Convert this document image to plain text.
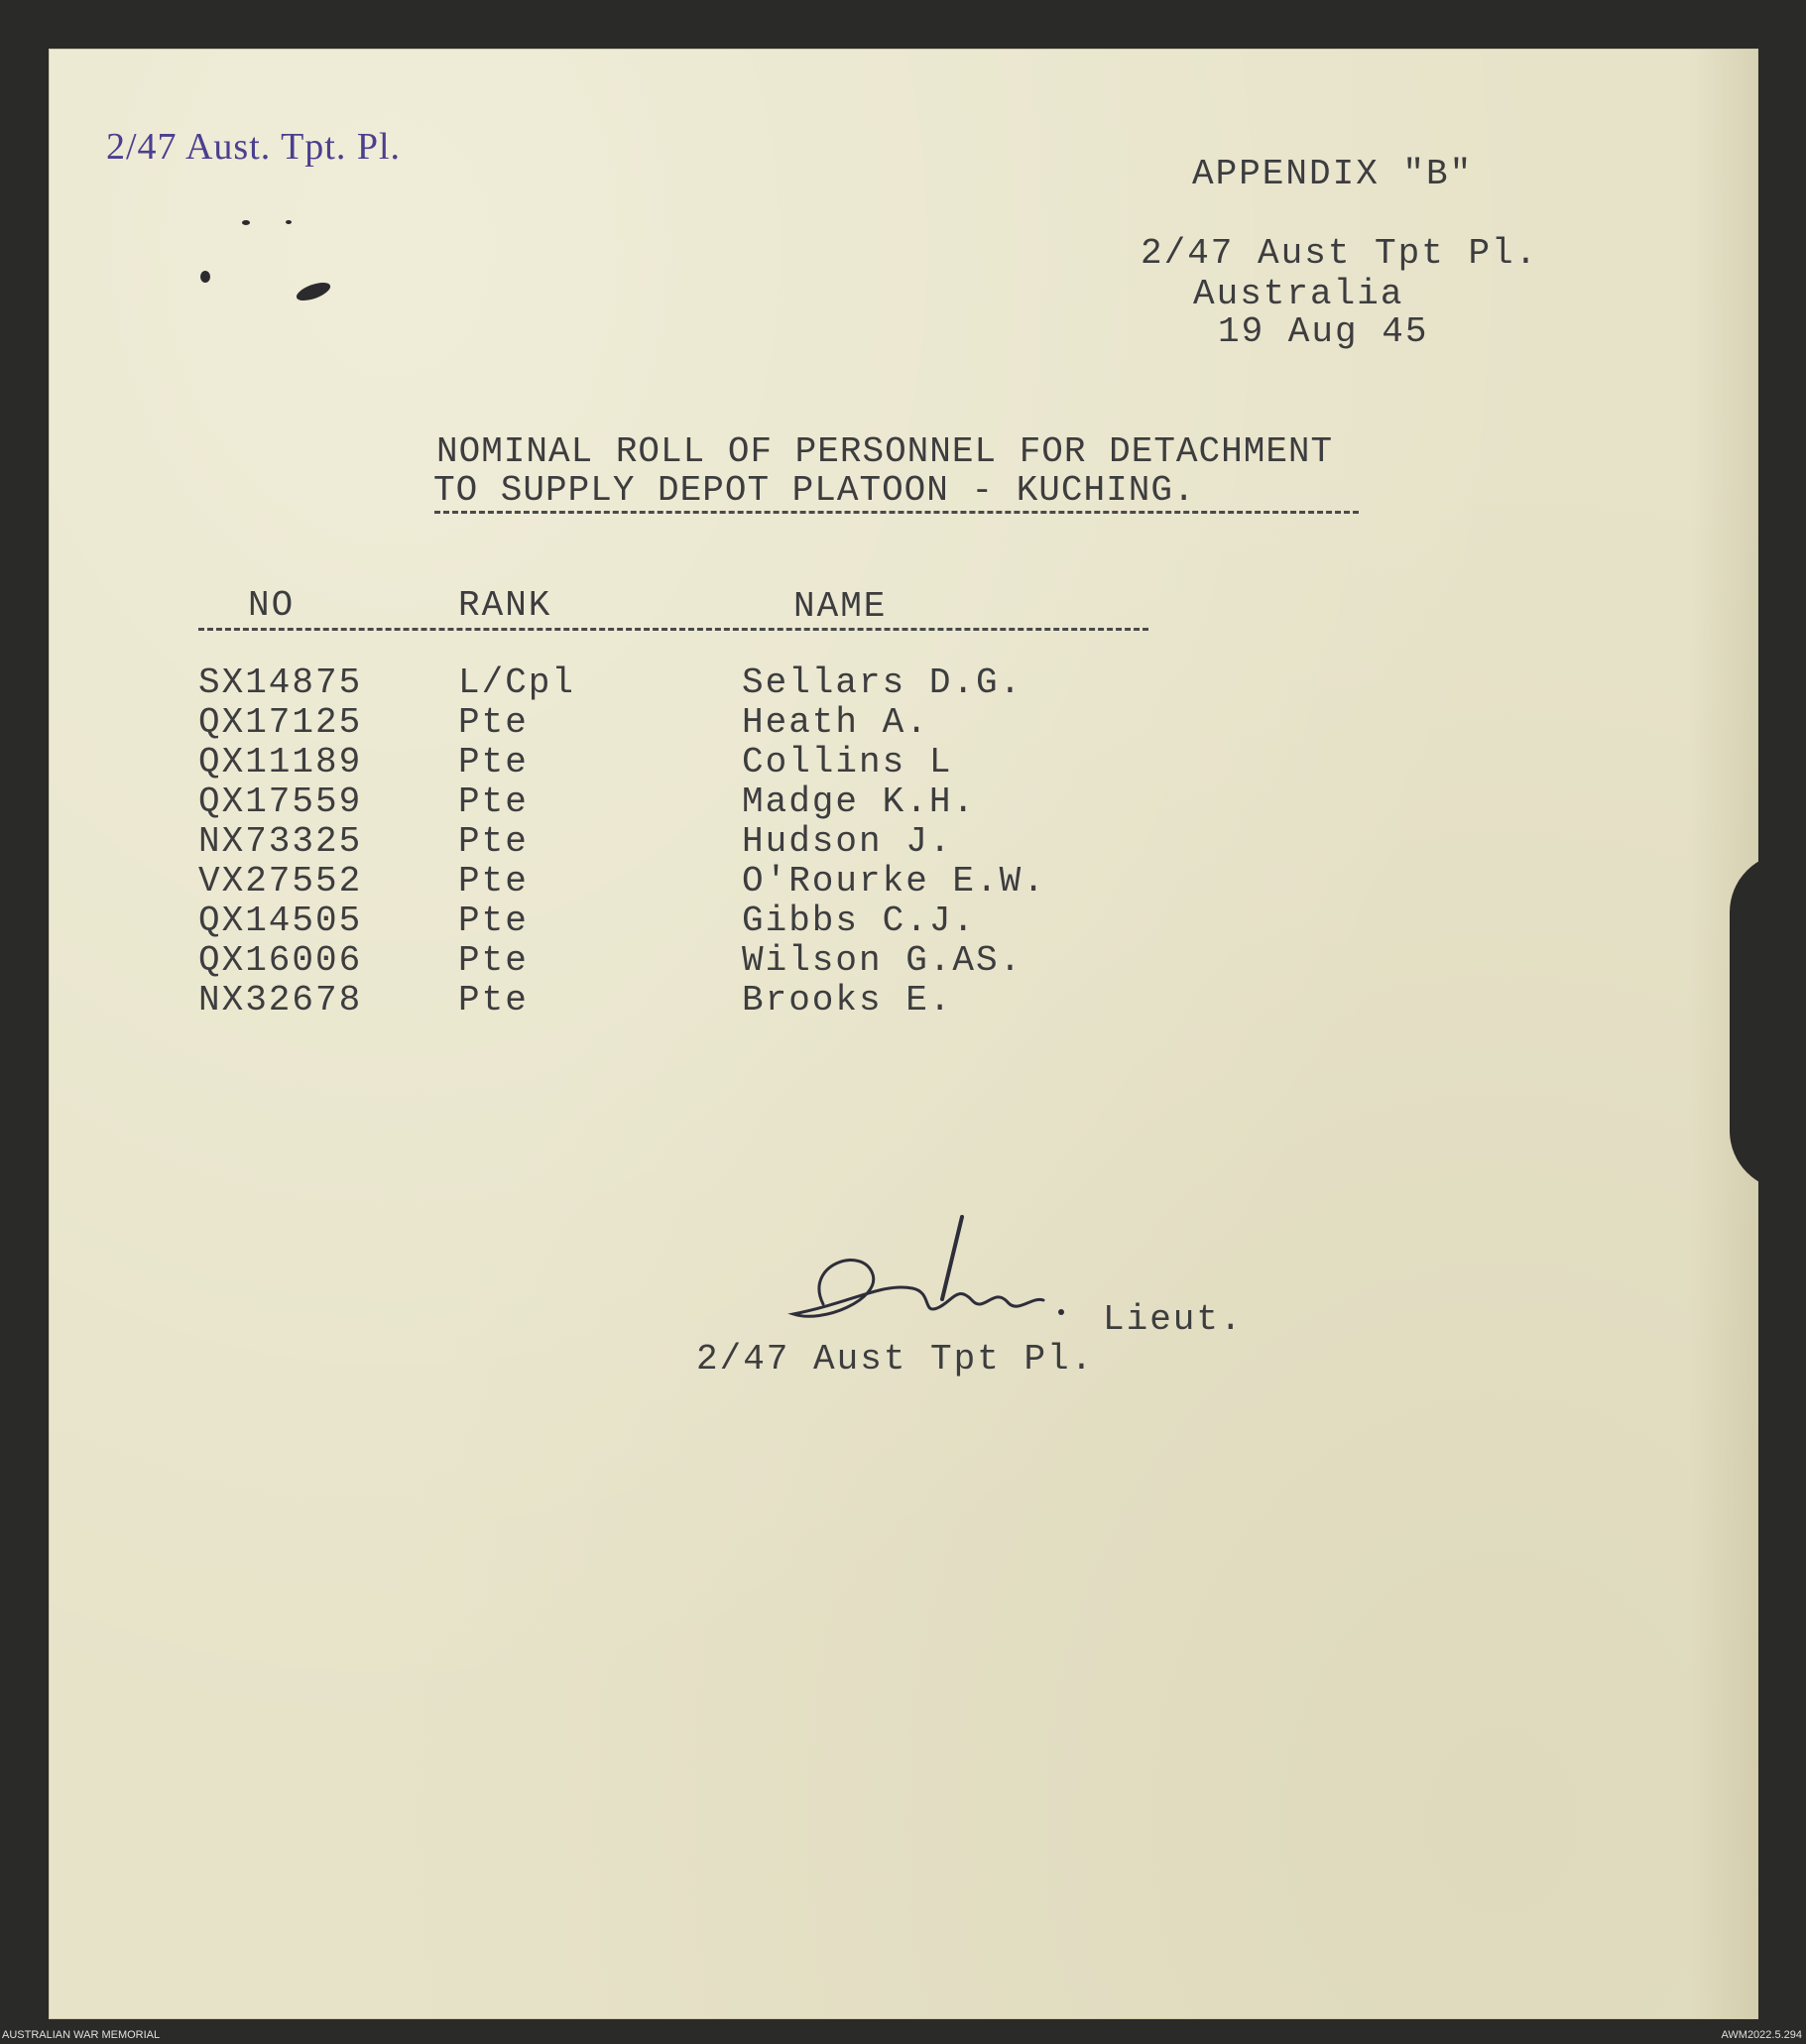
2/47 Aust. Tpt. Pl.
APPENDIX "B"
2/47 Aust Tpt Pl.
Australia
19 Aug 45
NOMINAL ROLL OF PERSONNEL FOR DETACHMENT
TO SUPPLY DEPOT PLATOON - KUCHING.
NO	RANK	NAME
SX14875	L/Cpl	Sellars D.G.
QX17125	Pte	Heath A.
QX11189	Pte	Collins L
QX17559	Pte	Madge K.H.
NX73325	Pte	Hudson J.
VX27552	Pte	O'Rourke E.W.
QX14505	Pte	Gibbs C.J.
QX16006	Pte	Wilson G.AS.
NX32678	Pte	Brooks E.
Lieut.
2/47 Aust Tpt Pl.
AUSTRALIAN WAR MEMORIAL	AWM2022.5.294
